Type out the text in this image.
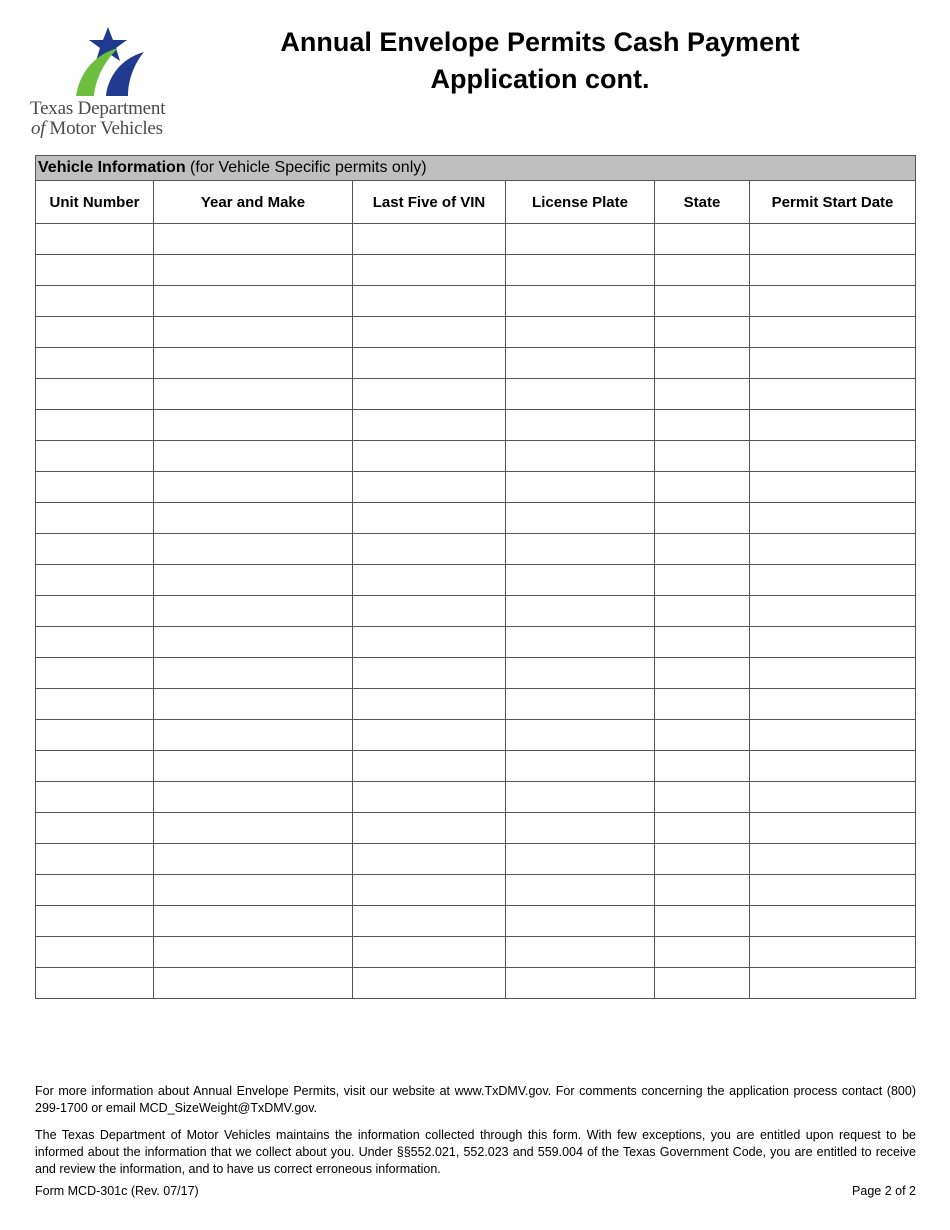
Texas Department
of Motor Vehicles
Annual Envelope Permits Cash Payment
Application cont.
Vehicle Information (for Vehicle Specific permits only)					
Unit Number	Year and Make	Last Five of VIN	License Plate	State	Permit Start Date

For more information about Annual Envelope Permits, visit our website at www.TxDMV.gov. For comments concerning the application process contact (800) 299-1700 or email MCD_SizeWeight@TxDMV.gov.
The Texas Department of Motor Vehicles maintains the information collected through this form. With few exceptions, you are entitled upon request to be informed about the information that we collect about you. Under §§552.021, 552.023 and 559.004 of the Texas Government Code, you are entitled to receive and review the information, and to have us correct erroneous information.
Form MCD-301c (Rev. 07/17)	Page 2 of 2
